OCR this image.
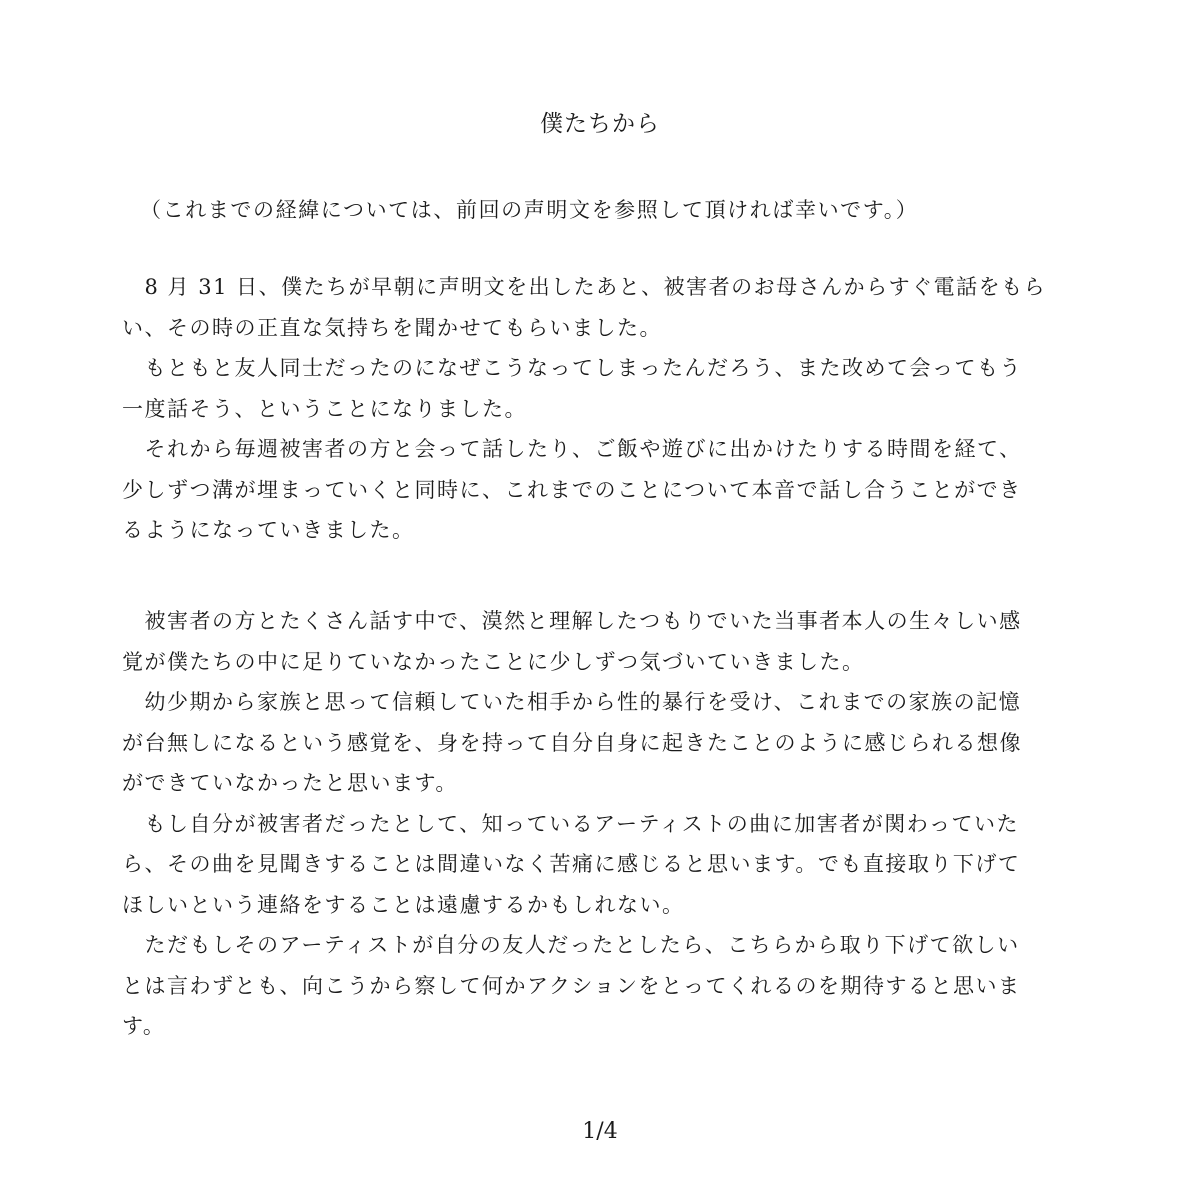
僕たちから
（これまでの経緯については、前回の声明文を参照して頂ければ幸いです。）
　8 月 31 日、僕たちが早朝に声明文を出したあと、被害者のお母さんからすぐ電話をもら
い、その時の正直な気持ちを聞かせてもらいました。
　もともと友人同士だったのになぜこうなってしまったんだろう、また改めて会ってもう
一度話そう、ということになりました。
　それから毎週被害者の方と会って話したり、ご飯や遊びに出かけたりする時間を経て、
少しずつ溝が埋まっていくと同時に、これまでのことについて本音で話し合うことができ
るようになっていきました。
　被害者の方とたくさん話す中で、漠然と理解したつもりでいた当事者本人の生々しい感
覚が僕たちの中に足りていなかったことに少しずつ気づいていきました。
　幼少期から家族と思って信頼していた相手から性的暴行を受け、これまでの家族の記憶
が台無しになるという感覚を、身を持って自分自身に起きたことのように感じられる想像
ができていなかったと思います。
　もし自分が被害者だったとして、知っているアーティストの曲に加害者が関わっていた
ら、その曲を見聞きすることは間違いなく苦痛に感じると思います。でも直接取り下げて
ほしいという連絡をすることは遠慮するかもしれない。
　ただもしそのアーティストが自分の友人だったとしたら、こちらから取り下げて欲しい
とは言わずとも、向こうから察して何かアクションをとってくれるのを期待すると思いま
す。
1/4
